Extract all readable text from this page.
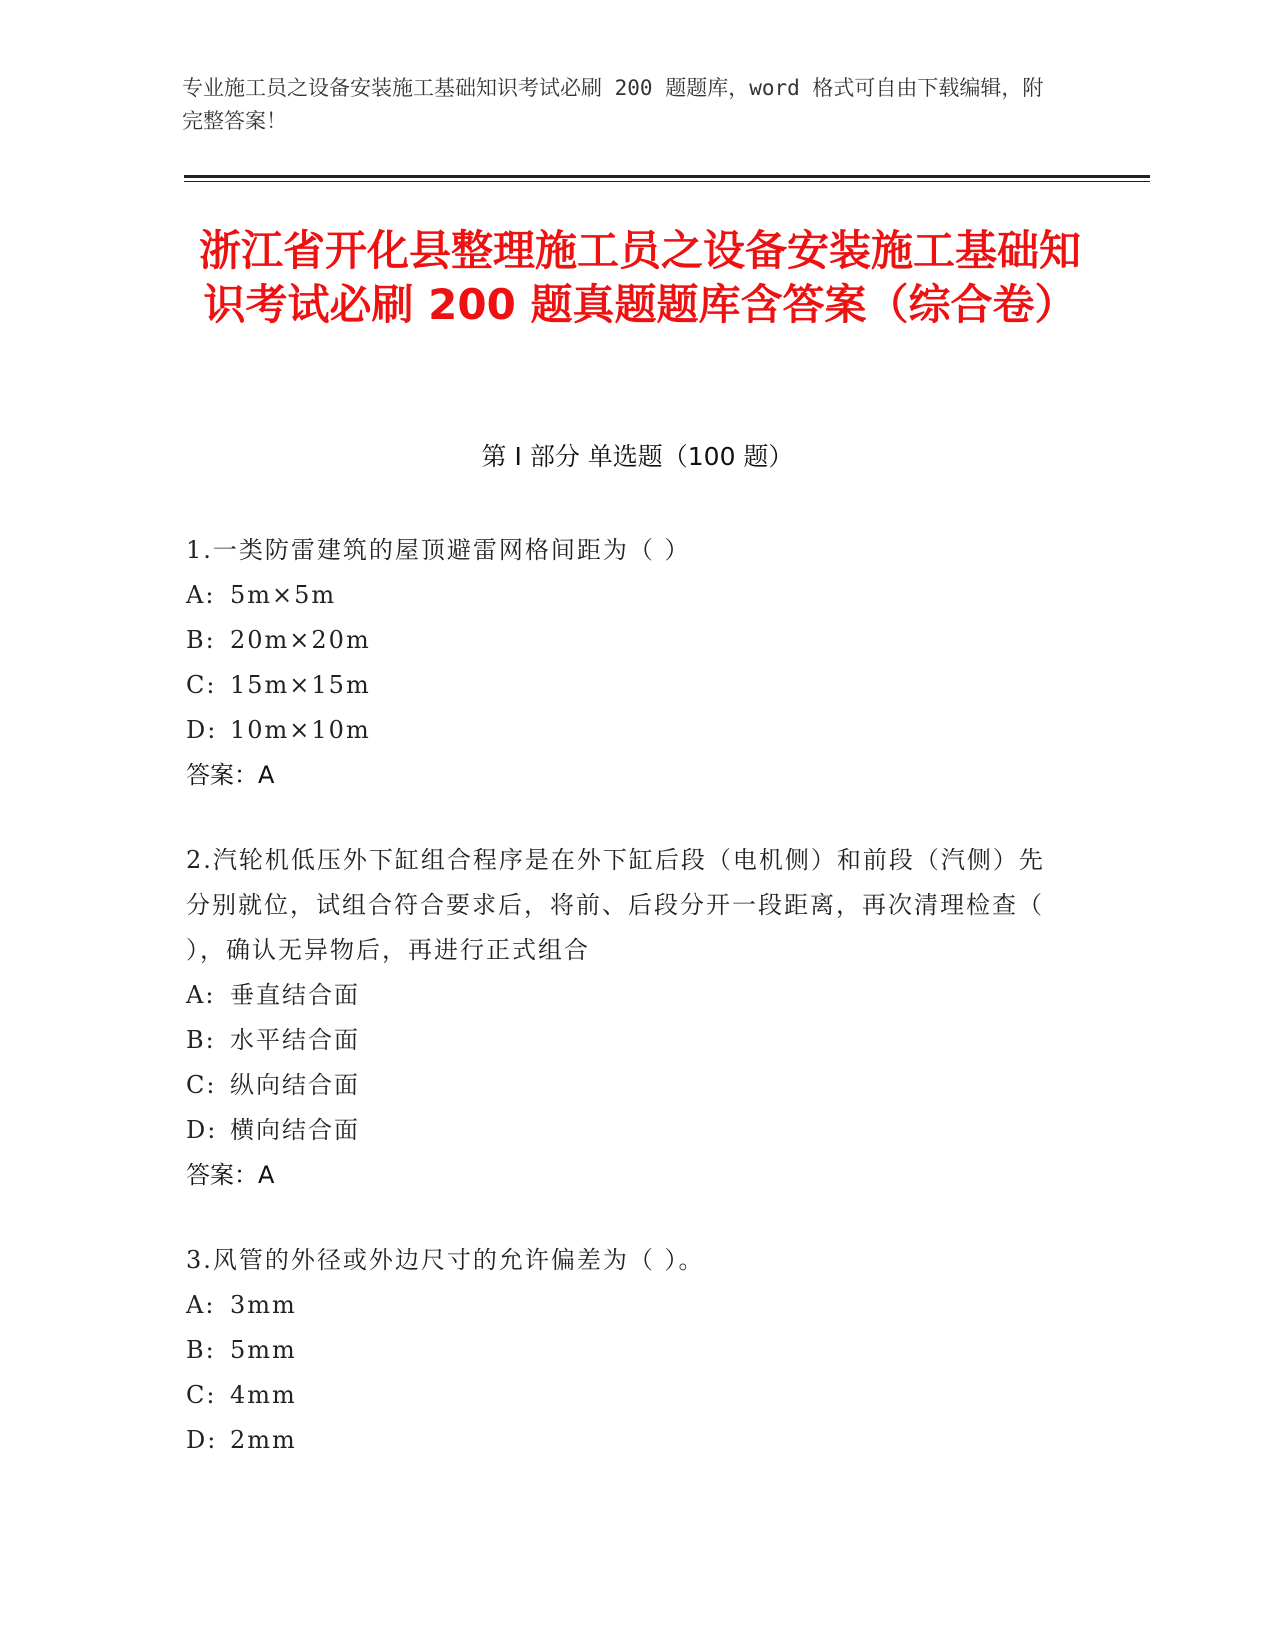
专业施工员之设备安装施工基础知识考试必刷 200 题题库，word 格式可自由下载编辑，附完整答案！
浙江省开化县整理施工员之设备安装施工基础知识考试必刷 200 题真题题库含答案（综合卷）
第 I 部分 单选题（100 题）

1.一类防雷建筑的屋顶避雷网格间距为（ ）

A: 5m×5m

B: 20m×20m

C: 15m×15m

D: 10m×10m

答案：A

2.汽轮机低压外下缸组合程序是在外下缸后段（电机侧）和前段（汽侧）先分别就位，试组合符合要求后，将前、后段分开一段距离，再次清理检查（ ），确认无异物后，再进行正式组合

A: 垂直结合面

B: 水平结合面

C: 纵向结合面

D: 横向结合面

答案：A

3.风管的外径或外边尺寸的允许偏差为（ ）。

A: 3mm

B: 5mm

C: 4mm

D: 2mm
